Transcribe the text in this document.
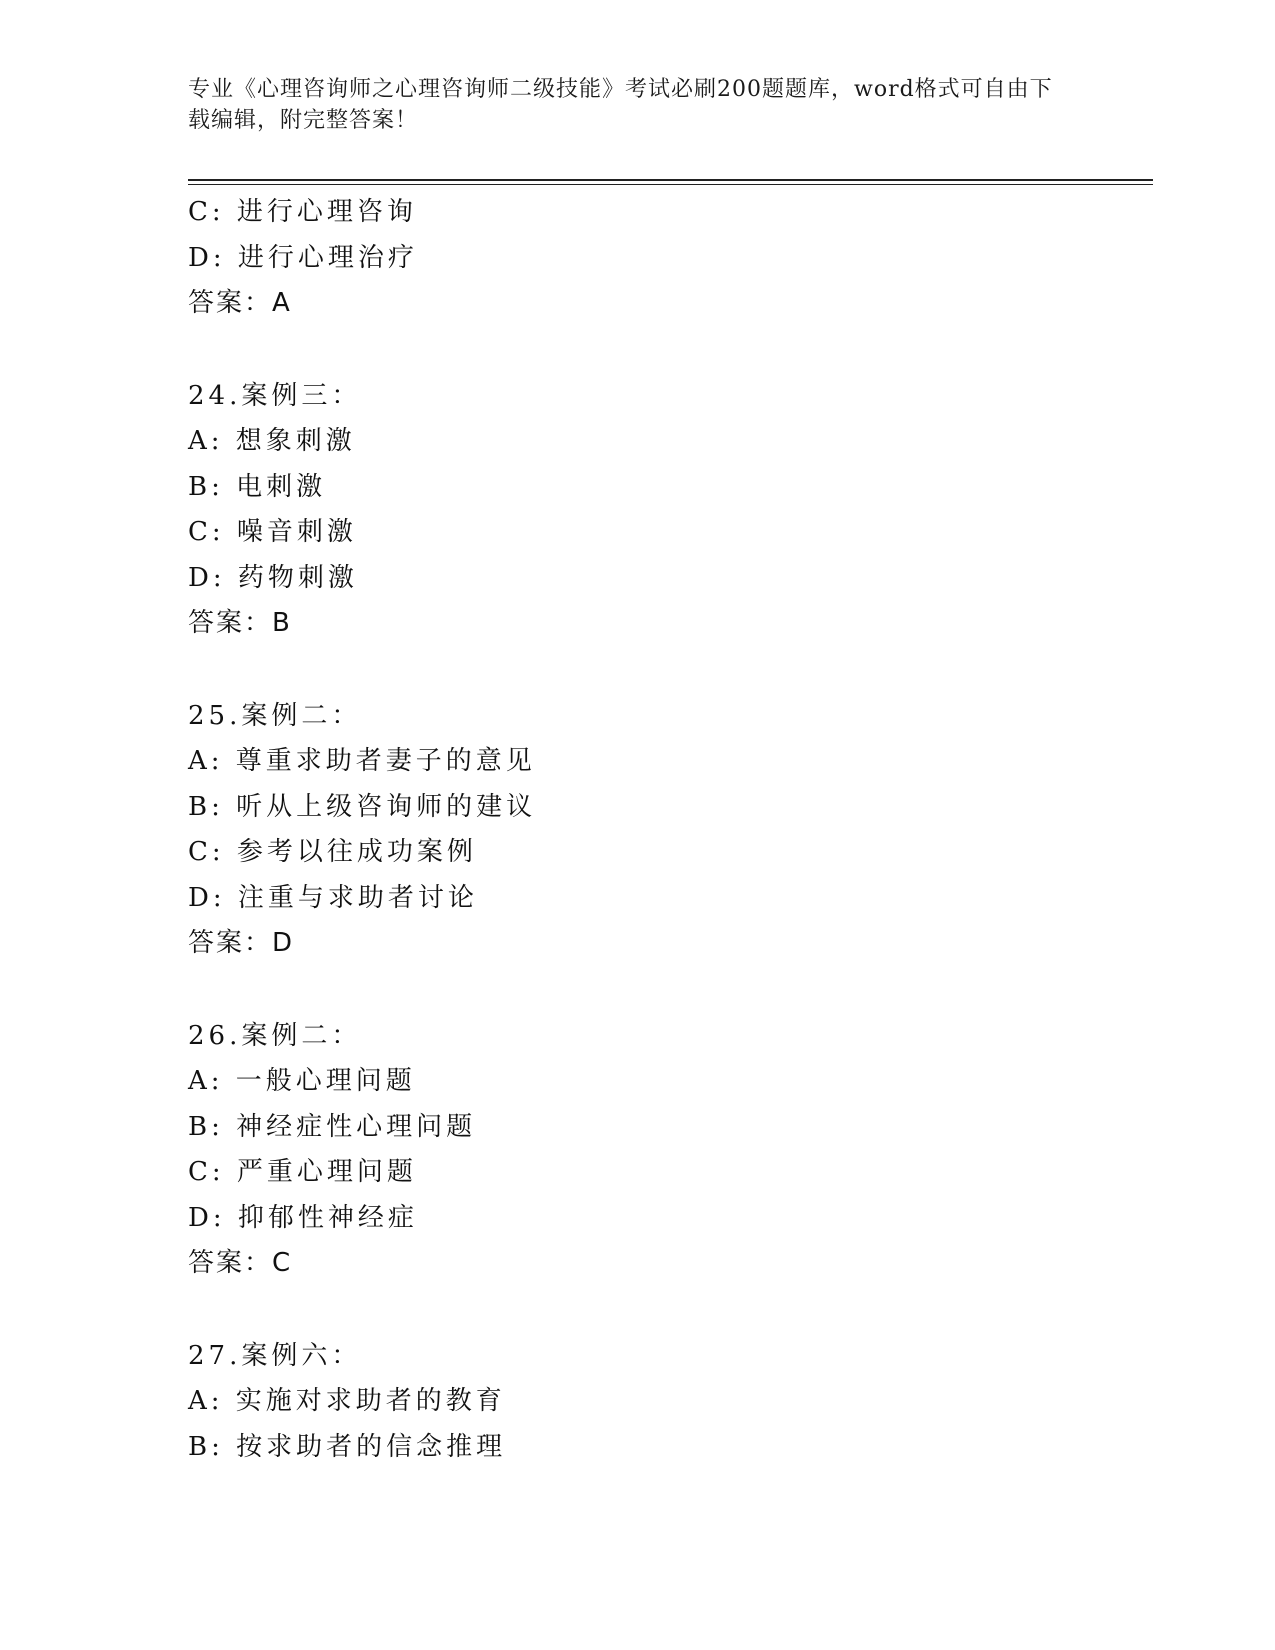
专业《心理咨询师之心理咨询师二级技能》考试必刷200题题库，word格式可自由下载编辑，附完整答案！
C: 进行心理咨询
D: 进行心理治疗
答案：A
24.案例三：
A: 想象刺激
B: 电刺激
C: 噪音刺激
D: 药物刺激
答案：B
25.案例二：
A: 尊重求助者妻子的意见
B: 听从上级咨询师的建议
C: 参考以往成功案例
D: 注重与求助者讨论
答案：D
26.案例二：
A: 一般心理问题
B: 神经症性心理问题
C: 严重心理问题
D: 抑郁性神经症
答案：C
27.案例六：
A: 实施对求助者的教育
B: 按求助者的信念推理
